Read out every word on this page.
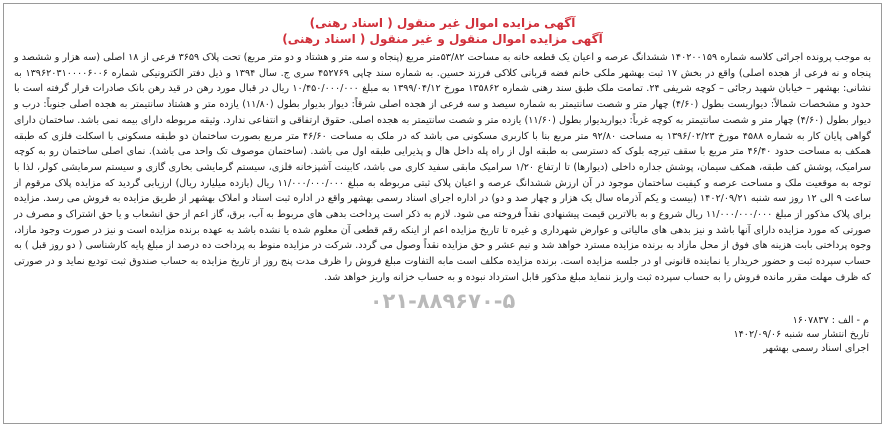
آگهی مزایده اموال غیر منقول ( اسناد رهنی)

آگهی مزایده اموال منقول و غیر منقول ( اسناد رهنی)

به موجب پرونده اجرائی کلاسه شماره ۱۴۰۲۰۰۱۵۹ ششدانگ عرصه و اعیان یک قطعه خانه به مساحت ۵۳/۸۲متر مربع (پنجاه و سه متر و هشتاد و دو متر مربع) تحت پلاک ۳۶۵۹ فرعی از ۱۸ اصلی (سه هزار و ششصد و پنجاه و نه فرعی از هجده اصلی) واقع در بخش ۱۷ ثبت بهشهر ملکی خانم فضه قربانی کلاکی فرزند حسین. به شماره سند چاپی ۴۵۲۷۶۹ سری ج. سال ۱۳۹۴ و ذیل دفتر الکترونیکی شماره ۱۳۹۶۲۰۳۱۰۰۰۰۶۰۰۶ به نشانی: بهشهر – خیابان شهید رجائی – کوچه شریفی ۲۴. تمامت ملک طبق سند رهنی شماره ۱۳۵۸۶۲ مورخ ۱۳۹۹/۰۴/۱۲ به مبلغ ۱۰/۴۵۰/۰۰۰/۰۰۰ ریال در قبال مورد رهن در قید رهن بانک صادرات قرار گرفته است با حدود و مشخصات شمالاً: دیواریست بطول (۴/۶۰) چهار متر و شصت سانتیمتر به شماره سیصد و سه فرعی از هجده اصلی شرقاً: دیوار بدیوار بطول (۱۱/۸۰) یازده متر و هشتاد سانتیمتر به هجده اصلی جنوباً: درب و دیوار بطول (۴/۶۰) چهار متر و شصت سانتیمتر به کوچه غرباً: دیواریدیوار بطول (۱۱/۶۰) یازده متر و شصت سانتیمتر به هجده اصلی. حقوق ارتفاقی و انتفاعی ندارد. وثیقه مربوطه دارای بیمه نمی باشد. ساختمان دارای گواهی پایان کار به شماره ۴۵۸۸ مورخ ۱۳۹۶/۰۲/۲۳ به مساحت ۹۲/۸۰ متر مربع بنا با کاربری مسکونی می باشد که در ملک به مساحت ۴۶/۶۰ متر مربع بصورت ساختمان دو طبقه مسکونی با اسکلت فلزی که طبقه همکف به مساحت حدود ۴۶/۴۰ متر مربع با سقف تیرچه بلوک که دسترسی به طبقه اول از راه پله داخل هال و پذیرایی طبقه اول می باشد. (ساختمان موصوف تک واحد می باشد). نمای اصلی ساختمان رو به کوچه سرامیک، پوشش کف طبقه، همکف سیمان، پوشش جداره داخلی (دیوارها) تا ارتفاع ۱/۲۰ سرامیک مابقی سفید کاری می باشد، کابینت آشپزخانه فلزی، سیستم گرمایشی بخاری گازی و سیستم سرمایشی کولر، لذا با توجه به موقعیت ملک و مساحت عرصه و کیفیت ساختمان موجود در آن ارزش ششدانگ عرصه و اعیان پلاک ثبتی مربوطه به مبلغ ۱۱/۰۰۰/۰۰۰/۰۰۰ ریال (یازده میلیارد ریال) ارزیابی گردید که مزایده پلاک مرقوم از ساعت ۹ الی ۱۲ روز سه شنبه ۱۴۰۲/۰۹/۲۱ (بیست و یکم آذرماه سال یک هزار و چهار صد و دو) در اداره اجرای اسناد رسمی بهشهر واقع در اداره ثبت اسناد و املاک بهشهر از طریق مزایده به فروش می رسد. مزایده برای پلاک مذکور از مبلغ ۱۱/۰۰۰/۰۰۰/۰۰۰ ریال شروع و به بالاترین قیمت پیشنهادی نقداً فروخته می شود. لازم به ذکر است پرداخت بدهی های مربوط به آب، برق، گاز اعم از حق انشعاب و یا حق اشتراک و مصرف در صورتی که مورد مزایده دارای آنها باشد و نیز بدهی های مالیاتی و عوارض شهرداری و غیره تا تاریخ مزایده اعم از اینکه رقم قطعی آن معلوم شده یا نشده باشد به عهده برنده مزایده است و نیز در صورت وجود مازاد، وجوه پرداختی بابت هزینه های فوق از محل مازاد به برنده مزایده مسترد خواهد شد و نیم عشر و حق مزایده نقداً وصول می گردد. شرکت در مزایده منوط به پرداخت ده درصد از مبلغ پایه کارشناسی ( دو روز قبل ) به حساب سپرده ثبت و حضور خریدار یا نماینده قانونی او در جلسه مزایده است. برنده مزایده مکلف است مابه التفاوت مبلغ فروش را ظرف مدت پنج روز از تاریخ مزایده به حساب صندوق ثبت تودیع نماید و در صورتی که ظرف مهلت مقرر مانده فروش را به حساب سپرده ثبت واریز ننماید مبلغ مذکور قابل استرداد نبوده و به حساب خزانه واریز خواهد شد.

۰۲۱-۸۸۹۶۷۰-۵
م - الف : ۱۶۰۷۸۳۷
تاریخ انتشار سه شنبه ۱۴۰۲/۰۹/۰۶
اجرای اسناد رسمی بهشهر
